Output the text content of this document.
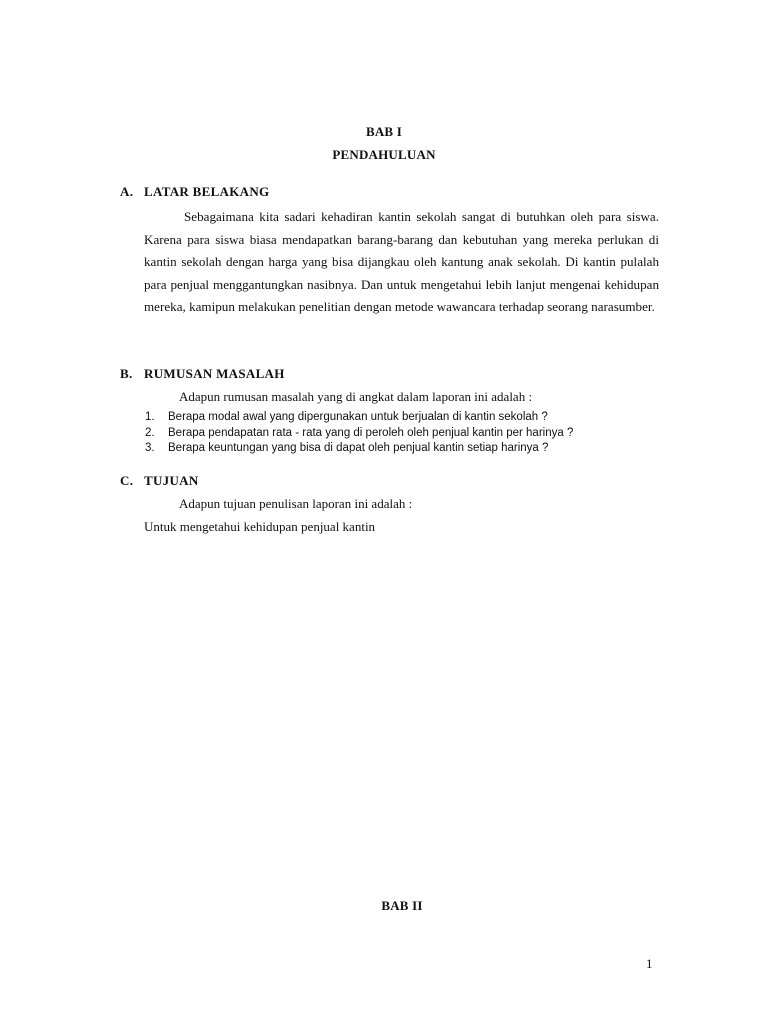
BAB I
PENDAHULUAN
A. LATAR BELAKANG

Sebagaimana kita sadari kehadiran kantin sekolah sangat di butuhkan oleh para siswa. Karena para siswa biasa mendapatkan barang-barang dan kebutuhan yang mereka perlukan di kantin sekolah dengan harga yang bisa dijangkau oleh kantung anak sekolah. Di kantin pulalah para penjual menggantungkan nasibnya. Dan untuk mengetahui lebih lanjut mengenai kehidupan mereka, kamipun melakukan penelitian dengan metode wawancara terhadap seorang narasumber.

B. RUMUSAN MASALAH
Adapun rumusan masalah yang di angkat dalam laporan ini adalah :
1. Berapa modal awal yang dipergunakan untuk berjualan di kantin sekolah ?
2. Berapa pendapatan rata - rata yang di peroleh oleh penjual kantin per harinya ?
3. Berapa keuntungan yang bisa di dapat oleh penjual kantin setiap harinya ?
C. TUJUAN
Adapun tujuan penulisan laporan ini adalah :
Untuk mengetahui kehidupan penjual kantin
BAB II
1
